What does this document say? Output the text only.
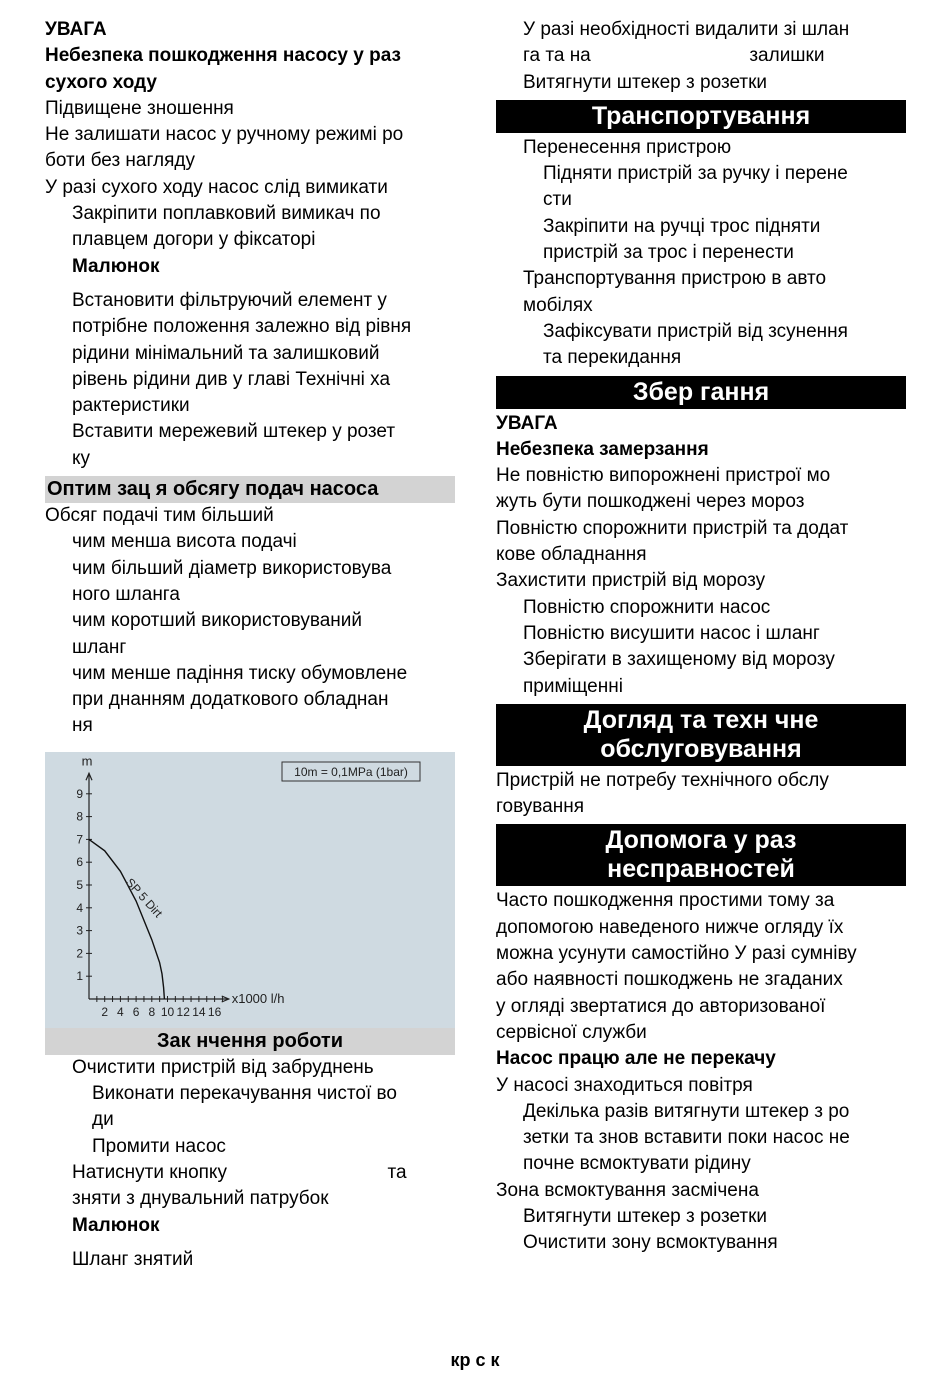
УВАГА
Небезпека пошкодження насосу у раз
сухого ходу
Підвищене зношення
Не залишати насос у ручному режимі ро
боти без нагляду
У разі сухого ходу насос слід вимикати
Закріпити поплавковий вимикач по
плавцем догори у фіксаторі
Малюнок
Встановити фільтруючий елемент у
потрібне положення залежно від рівня
рідини мінімальний та залишковий
рівень рідини див у главі Технічні ха
рактеристики
Вставити мережевий штекер у розет
ку
Оптим зац я обсягу подач насоса
Обсяг подачі тим більший
чим менша висота подачі
чим більший діаметр використовува
ного шланга
чим коротший використовуваний
шланг
чим менше падіння тиску обумовлене
при днанням додаткового обладнан
ня
1
2
3
4
5
6
7
8
9
2 4 6 8 10 12 14 16
m
x1000 l/h
10m = 0,1MPa (1bar)
SP 5 Dirt
Зак нчення роботи
Очистити пристрій від забруднень
Виконати перекачування чистої во
ди
Промити насос
Натиснути кнопку	та
зняти з днувальний патрубок
Малюнок
Шланг знятий
У разі необхідності видалити зі шлан
га та на	залишки
Витягнути штекер з розетки
Транспортування
Перенесення пристрою
Підняти пристрій за ручку і перене
сти
Закріпити на ручці трос підняти
пристрій за трос і перенести
Транспортування пристрою в авто
мобілях
Зафіксувати пристрій від зсунення
та перекидання
Збер гання
УВАГА
Небезпека замерзання
Не повністю випорожнені пристрої мо
жуть бути пошкоджені через мороз
Повністю спорожнити пристрій та додат
кове обладнання
Захистити пристрій від морозу
Повністю спорожнити насос
Повністю висушити насос і шланг
Зберігати в захищеному від морозу
приміщенні
Догляд та техн чне
обслуговування
Пристрій не потребу технічного обслу
говування
Допомога у раз
несправностей
Часто пошкодження простими тому за
допомогою наведеного нижче огляду їх
можна усунути самостійно У разі сумніву
або наявності пошкоджень не згаданих
у огляді звертатися до авторизованої
сервісної служби
Насос працю але не перекачу
У насосі знаходиться повітря
Декілька разів витягнути штекер з ро
зетки та знов вставити поки насос не
почне всмоктувати рідину
Зона всмоктування засмічена
Витягнути штекер з розетки
Очистити зону всмоктування
кр с к
